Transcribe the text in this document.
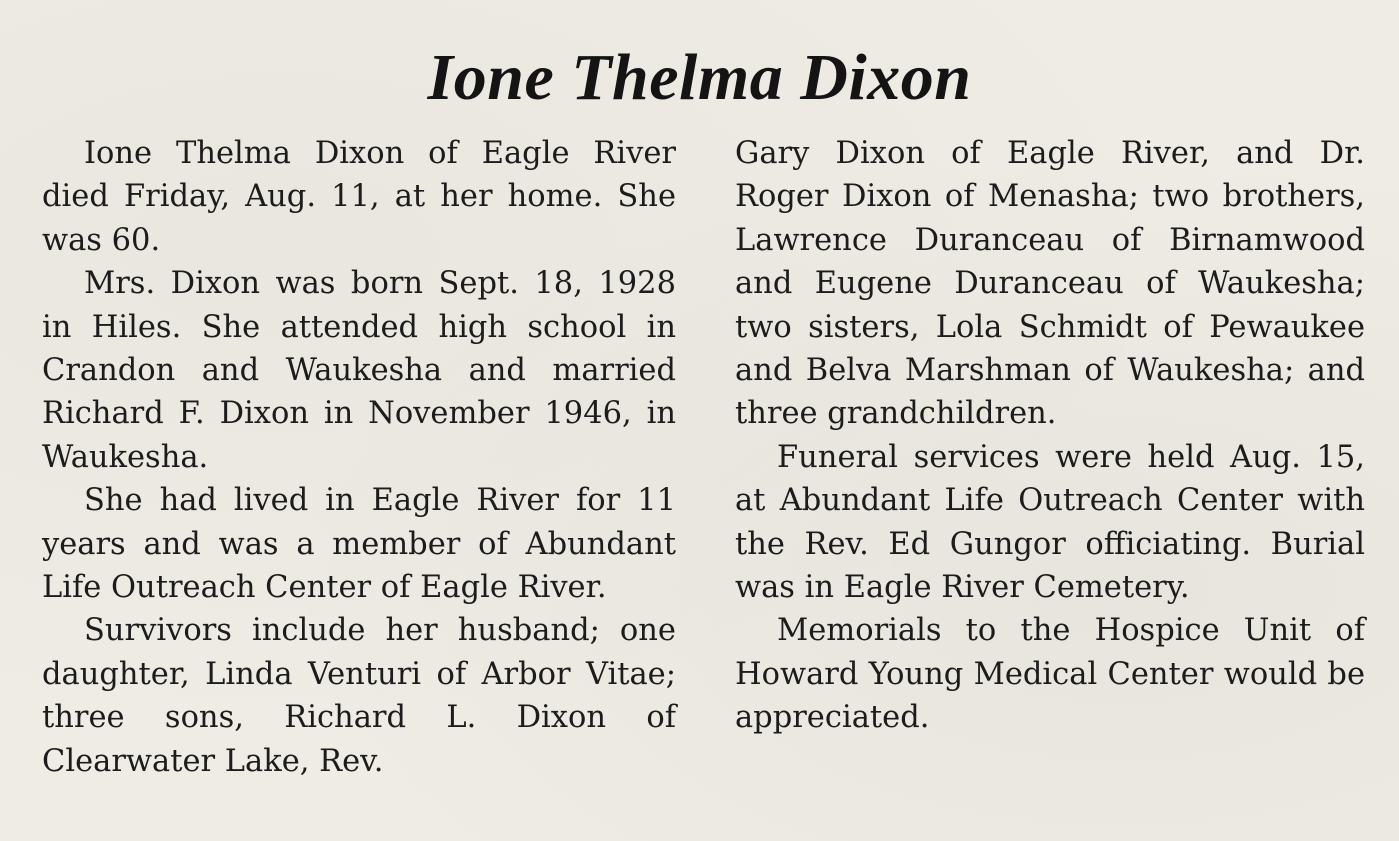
Ione Thelma Dixon

Ione Thelma Dixon of Eagle River died Friday, Aug. 11, at her home. She was 60.

Mrs. Dixon was born Sept. 18, 1928 in Hiles. She attended high school in Crandon and Waukesha and married Richard F. Dixon in November 1946, in Waukesha.

She had lived in Eagle River for 11 years and was a member of Abundant Life Outreach Center of Eagle River.

Survivors include her husband; one daughter, Linda Venturi of Arbor Vitae; three sons, Richard L. Dixon of Clearwater Lake, Rev.

Gary Dixon of Eagle River, and Dr. Roger Dixon of Menasha; two brothers, Lawrence Duranceau of Birnamwood and Eugene Duranceau of Waukesha; two sisters, Lola Schmidt of Pewaukee and Belva Marshman of Waukesha; and three grandchildren.

Funeral services were held Aug. 15, at Abundant Life Outreach Center with the Rev. Ed Gungor officiating. Burial was in Eagle River Cemetery.

Memorials to the Hospice Unit of Howard Young Medical Center would be appreciated.
